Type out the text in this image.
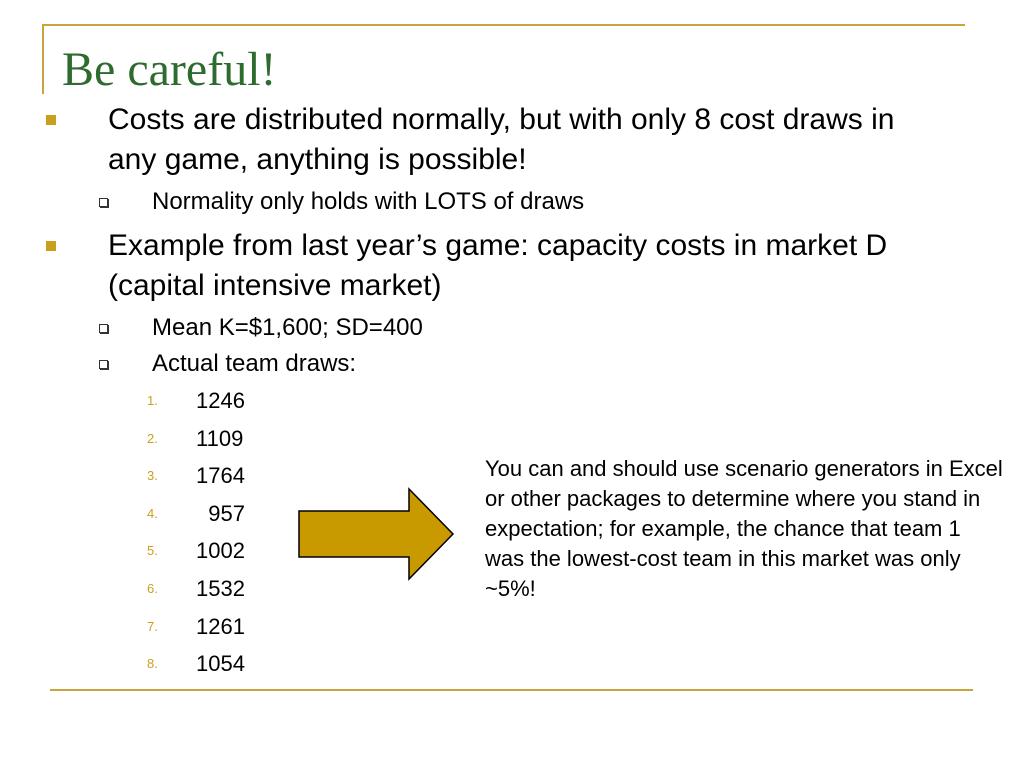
Be careful!
Costs are distributed normally, but with only 8 cost draws in any game, anything is possible!
Normality only holds with LOTS of draws
Example from last year’s game: capacity costs in market D (capital intensive market)
Mean K=$1,600; SD=400
Actual team draws:
1. 1246
2. 1109
3. 1764
4. 957
5. 1002
6. 1532
7. 1261
8. 1054

You can and should use scenario generators in Excel or other packages to determine where you stand in expectation; for example, the chance that team 1 was the lowest-cost team in this market was only ~5%!
